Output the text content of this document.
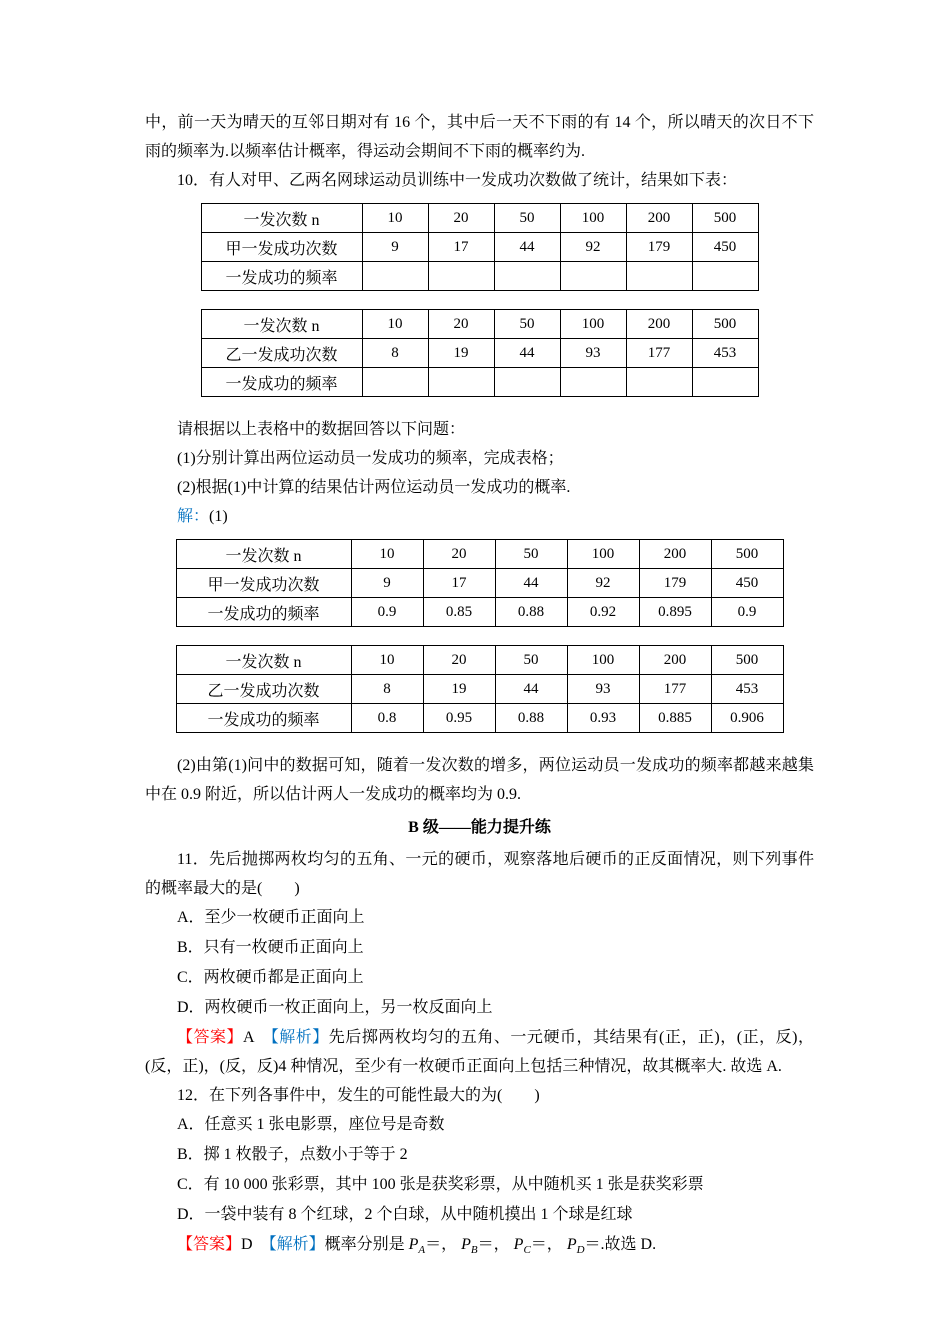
中，前一天为晴天的互邻日期对有 16 个，其中后一天不下雨的有 14 个，所以晴天的次日不下雨的频率为.以频率估计概率，得运动会期间不下雨的概率约为.

10．有人对甲、乙两名网球运动员训练中一发成功次数做了统计，结果如下表：

一发次数 n	10	20	50	100	200	500
甲一发成功次数	9	17	44	92	179	450
一发成功的频率						
一发次数 n	10	20	50	100	200	500
乙一发成功次数	8	19	44	93	177	453
一发成功的频率						

请根据以上表格中的数据回答以下问题：

(1)分别计算出两位运动员一发成功的频率，完成表格；

(2)根据(1)中计算的结果估计两位运动员一发成功的概率.

解：(1)

一发次数 n	10	20	50	100	200	500
甲一发成功次数	9	17	44	92	179	450
一发成功的频率	0.9	0.85	0.88	0.92	0.895	0.9
一发次数 n	10	20	50	100	200	500
乙一发成功次数	8	19	44	93	177	453
一发成功的频率	0.8	0.95	0.88	0.93	0.885	0.906

(2)由第(1)问中的数据可知，随着一发次数的增多，两位运动员一发成功的频率都越来越集中在 0.9 附近，所以估计两人一发成功的概率均为 0.9.

B 级——能力提升练

11．先后抛掷两枚均匀的五角、一元的硬币，观察落地后硬币的正反面情况，则下列事件的概率最大的是(　　)

A．至少一枚硬币正面向上

B．只有一枚硬币正面向上

C．两枚硬币都是正面向上

D．两枚硬币一枚正面向上，另一枚反面向上

【答案】A　【解析】先后掷两枚均匀的五角、一元硬币，其结果有(正，正)，(正，反)，(反，正)，(反，反)4 种情况，至少有一枚硬币正面向上包括三种情况，故其概率大. 故选 A.

12．在下列各事件中，发生的可能性最大的为(　　)

A．任意买 1 张电影票，座位号是奇数

B．掷 1 枚骰子，点数小于等于 2

C．有 10 000 张彩票，其中 100 张是获奖彩票，从中随机买 1 张是获奖彩票

D．一袋中装有 8 个红球，2 个白球，从中随机摸出 1 个球是红球

【答案】D　【解析】概率分别是 $P_A=$， $P_B=$， $P_C=$， $P_D=$.故选 D.
